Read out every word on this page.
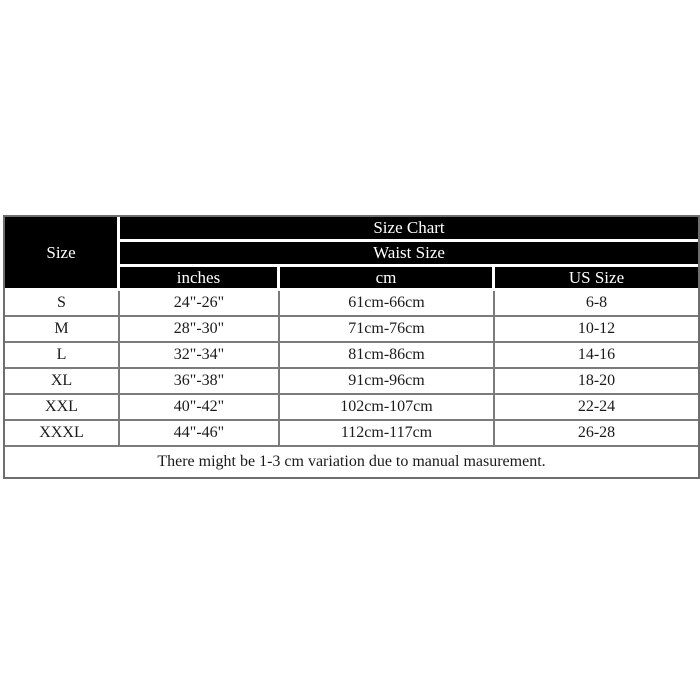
Size	Size Chart		
	Waist Size		
	inches	cm	US Size
S	24"-26"	61cm-66cm	6-8
M	28"-30"	71cm-76cm	10-12
L	32"-34"	81cm-86cm	14-16
XL	36"-38"	91cm-96cm	18-20
XXL	40"-42"	102cm-107cm	22-24
XXXL	44"-46"	112cm-117cm	26-28
There might be 1-3 cm variation due to manual masurement.			
